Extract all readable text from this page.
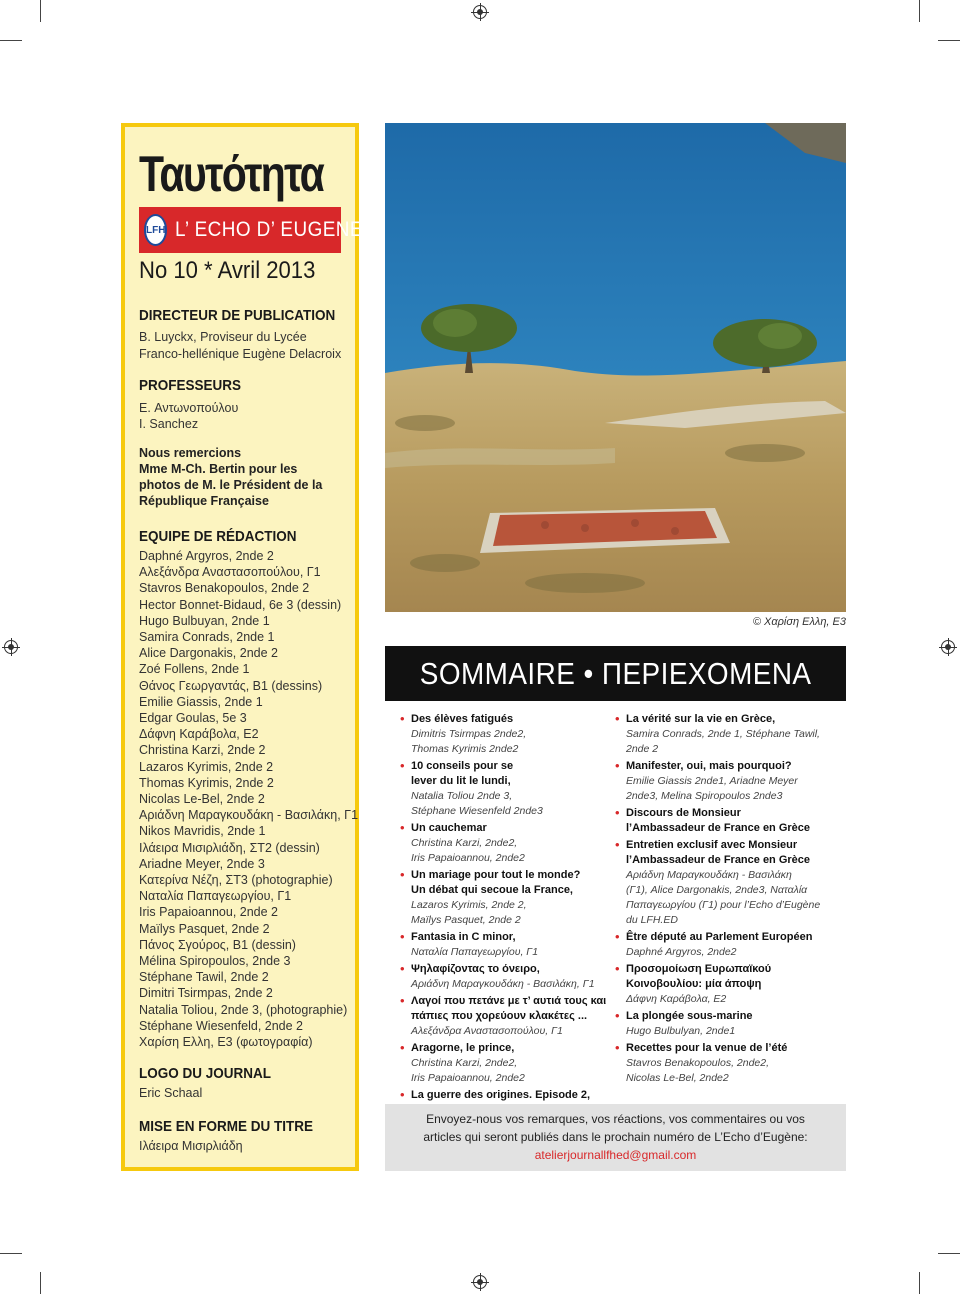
Ταυτότητα
LFH L’ ECHO D’ EUGENE
No 10 * Avril 2013
DIRECTEUR DE PUBLICATION
B. Luyckx, Proviseur du Lycée
Franco-hellénique Eugène Delacroix
PROFESSEURS
E. Αντωνοπούλου
I. Sanchez
Nous remercions
Mme M-Ch. Bertin pour les
photos de M. le Président de la
République Française
EQUIPE DE RÉDACTION
Daphné Argyros, 2nde 2
Αλεξάνδρα Αναστασοπούλου, Γ1
Stavros Benakopoulos, 2nde 2
Hector Bonnet-Bidaud, 6e 3 (dessin)
Hugo Bulbuyan, 2nde 1
Samira Conrads, 2nde 1
Alice Dargonakis, 2nde 2
Zoé Follens, 2nde 1
Θάνος Γεωργαντάς, Β1 (dessins)
Emilie Giassis, 2nde 1
Edgar Goulas, 5e 3
Δάφνη Καράβολα, Ε2
Christina Karzi, 2nde 2
Lazaros Kyrimis, 2nde 2
Thomas Kyrimis, 2nde 2
Nicolas Le-Bel, 2nde 2
Αριάδνη Μαραγκουδάκη - Βασιλάκη, Γ1
Nikos Mavridis, 2nde 1
Ιλάειρα Μισιρλιάδη, ΣΤ2 (dessin)
Ariadne Meyer, 2nde 3
Κατερίνα Νέζη, ΣΤ3 (photographie)
Ναταλία Παπαγεωργίου, Γ1
Iris Papaioannou, 2nde 2
Maïlys Pasquet, 2nde 2
Πάνος Σγούρος, Β1 (dessin)
Mélina Spiropoulos, 2nde 3
Stéphane Tawil, 2nde 2
Dimitri Tsirmpas, 2nde 2
Natalia Toliou, 2nde 3, (photographie)
Stéphane Wiesenfeld, 2nde 2
Χαρίση Ελλη, Ε3 (φωτογραφία)
LOGO DU JOURNAL
Eric Schaal
MISE EN FORME DU TITRE
Ιλάειρα Μισιρλιάδη
© Χαρίση Ελλη, Ε3
SOMMAIRE • ΠΕΡΙΕΧΟΜΕΝΑ
• Des élèves fatigués
Dimitris Tsirmpas 2nde2,
Thomas Kyrimis 2nde2
• 10 conseils pour se
lever du lit le lundi,
Natalia Toliou 2nde 3,
Stéphane Wiesenfeld 2nde3
• Un cauchemar
Christina Karzi, 2nde2,
Iris Papaioannou, 2nde2
• Un mariage pour tout le monde?
Un débat qui secoue la France,
Lazaros Kyrimis, 2nde 2,
Maïlys Pasquet, 2nde 2
• Fantasia in C minor,
Ναταλία Παπαγεωργίου, Γ1
• Ψηλαφίζοντας το όνειρο,
Αριάδνη Μαραγκουδάκη - Βασιλάκη, Γ1
• Λαγοί που πετάνε με τ’ αυτιά τους και
πάπιες που χορεύουν κλακέτες ...
Αλεξάνδρα Αναστασοπούλου, Γ1
• Aragorne, le prince,
Christina Karzi, 2nde2,
Iris Papaioannou, 2nde2
• La guerre des origines. Episode 2,
• La vérité sur la vie en Grèce,
Samira Conrads, 2nde 1, Stéphane Tawil,
2nde 2
• Manifester, oui, mais pourquoi?
Emilie Giassis 2nde1, Ariadne Meyer
2nde3, Melina Spiropoulos 2nde3
• Discours de Monsieur
l’Ambassadeur de France en Grèce
• Entretien exclusif avec Monsieur
l’Ambassadeur de France en Grèce
Αριάδνη Μαραγκουδάκη - Βασιλάκη
(Γ1), Alice Dargonakis, 2nde3, Ναταλία
Παπαγεωργίου (Γ1) pour l’Echo d’Eugène
du LFH.ED
• Être député au Parlement Européen
Daphné Argyros, 2nde2
• Προσομοίωση Ευρωπαϊκού
Κοινοβουλίου: μία άποψη
Δάφνη Καράβολα, Ε2
• La plongée sous-marine
Hugo Bulbulyan, 2nde1
• Recettes pour la venue de l’été
Stavros Benakopoulos, 2nde2,
Nicolas Le-Bel, 2nde2
Envoyez-nous vos remarques, vos réactions, vos commentaires ou vos
articles qui seront publiés dans le prochain numéro de L’Echo d’Eugène:
atelierjournallfhed@gmail.com
